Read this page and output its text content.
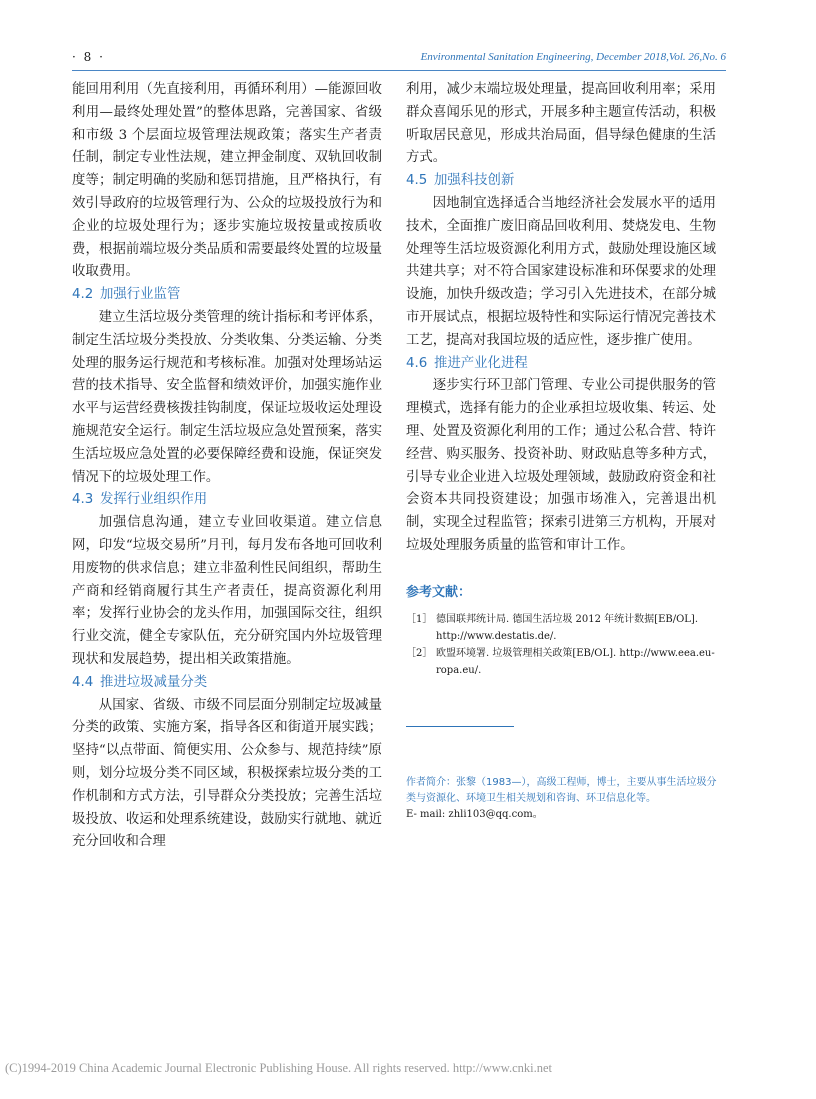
· 8 ·	Environmental Sanitation Engineering, December 2018,Vol. 26,No. 6

能回用利用（先直接利用，再循环利用）—能源回收利用—最终处理处置”的整体思路，完善国家、省级和市级 3 个层面垃圾管理法规政策；落实生产者责任制，制定专业性法规，建立押金制度、双轨回收制度等；制定明确的奖励和惩罚措施，且严格执行，有效引导政府的垃圾管理行为、公众的垃圾投放行为和企业的垃圾处理行为；逐步实施垃圾按量或按质收费，根据前端垃圾分类品质和需要最终处置的垃圾量收取费用。

4.2 加强行业监管

建立生活垃圾分类管理的统计指标和考评体系，制定生活垃圾分类投放、分类收集、分类运输、分类处理的服务运行规范和考核标准。加强对处理场站运营的技术指导、安全监督和绩效评价，加强实施作业水平与运营经费核拨挂钩制度，保证垃圾收运处理设施规范安全运行。制定生活垃圾应急处置预案，落实生活垃圾应急处置的必要保障经费和设施，保证突发情况下的垃圾处理工作。

4.3 发挥行业组织作用

加强信息沟通，建立专业回收渠道。建立信息网，印发“垃圾交易所”月刊，每月发布各地可回收利用废物的供求信息；建立非盈利性民间组织，帮助生产商和经销商履行其生产者责任，提高资源化利用率；发挥行业协会的龙头作用，加强国际交往，组织行业交流，健全专家队伍，充分研究国内外垃圾管理现状和发展趋势，提出相关政策措施。

4.4 推进垃圾减量分类

从国家、省级、市级不同层面分别制定垃圾减量分类的政策、实施方案，指导各区和街道开展实践；坚持“以点带面、简便实用、公众参与、规范持续”原则，划分垃圾分类不同区域，积极探索垃圾分类的工作机制和方式方法，引导群众分类投放；完善生活垃圾投放、收运和处理系统建设，鼓励实行就地、就近充分回收和合理

利用，减少末端垃圾处理量，提高回收利用率；采用群众喜闻乐见的形式，开展多种主题宣传活动，积极听取居民意见，形成共治局面，倡导绿色健康的生活方式。

4.5 加强科技创新

因地制宜选择适合当地经济社会发展水平的适用技术，全面推广废旧商品回收利用、焚烧发电、生物处理等生活垃圾资源化利用方式，鼓励处理设施区域共建共享；对不符合国家建设标准和环保要求的处理设施，加快升级改造；学习引入先进技术，在部分城市开展试点，根据垃圾特性和实际运行情况完善技术工艺，提高对我国垃圾的适应性，逐步推广使用。

4.6 推进产业化进程

逐步实行环卫部门管理、专业公司提供服务的管理模式，选择有能力的企业承担垃圾收集、转运、处理、处置及资源化利用的工作；通过公私合营、特许经营、购买服务、投资补助、财政贴息等多种方式，引导专业企业进入垃圾处理领域，鼓励政府资金和社会资本共同投资建设；加强市场准入，完善退出机制，实现全过程监管；探索引进第三方机构，开展对垃圾处理服务质量的监管和审计工作。

参考文献：
［1］ 德国联邦统计局. 德国生活垃圾 2012 年统计数据[EB/OL]. http://www.destatis.de/.
［2］ 欧盟环境署. 垃圾管理相关政策[EB/OL]. http://www.eea.eu-ropa.eu/.
作者简介：张黎（1983—），高级工程师，博士，主要从事生活垃圾分类与资源化、环境卫生相关规划和咨询、环卫信息化等。
E- mail: zhli103@qq.com。
(C)1994-2019 China Academic Journal Electronic Publishing House. All rights reserved. http://www.cnki.net
